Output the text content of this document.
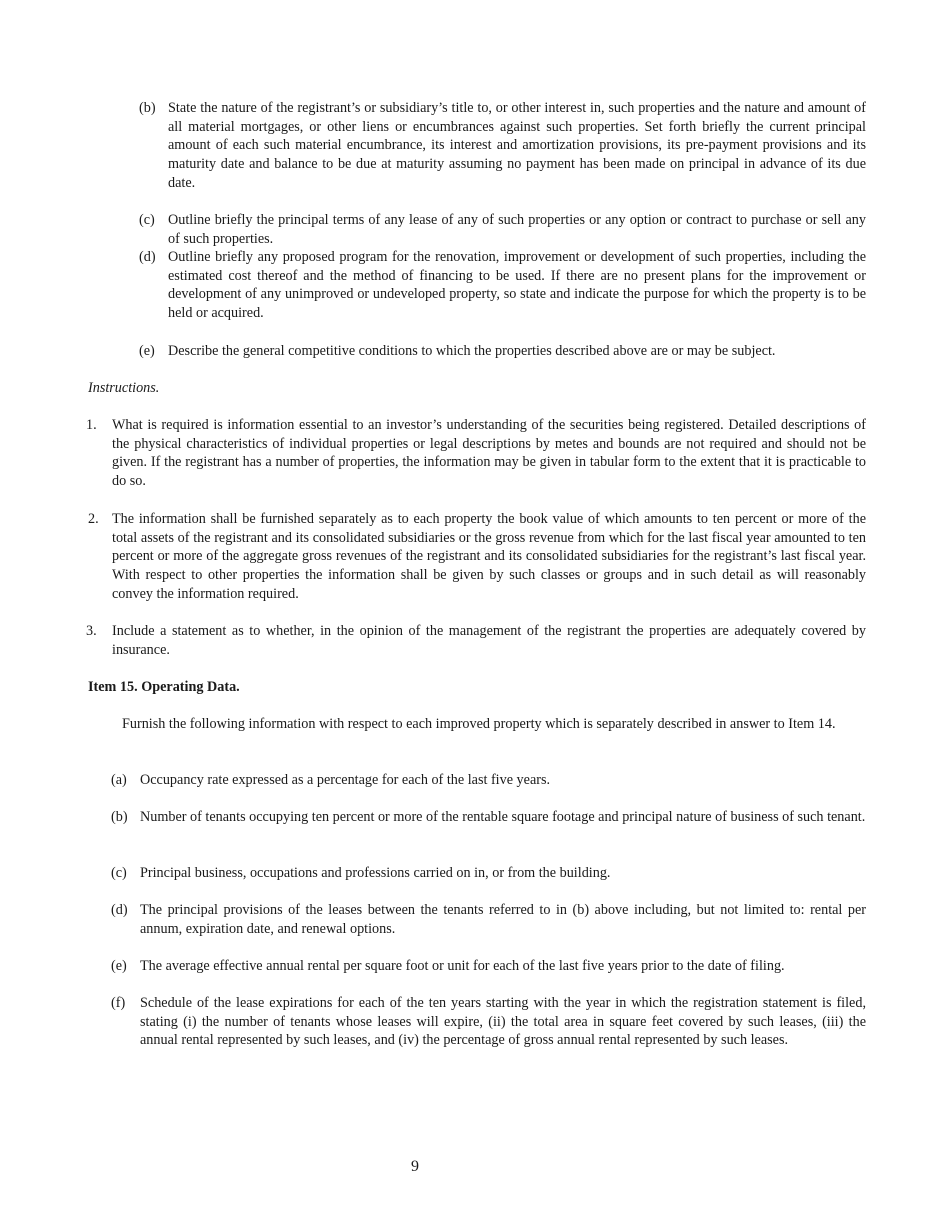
(b) State the nature of the registrant’s or subsidiary’s title to, or other interest in, such properties and the nature and amount of all material mortgages, or other liens or encumbrances against such properties. Set forth briefly the current principal amount of each such material encumbrance, its interest and amortization provisions, its pre-payment provisions and its maturity date and balance to be due at maturity assuming no payment has been made on principal in advance of its due date.
(c) Outline briefly the principal terms of any lease of any of such properties or any option or contract to purchase or sell any of such properties.
(d) Outline briefly any proposed program for the renovation, improvement or development of such properties, including the estimated cost thereof and the method of financing to be used. If there are no present plans for the improvement or development of any unimproved or undeveloped property, so state and indicate the purpose for which the property is to be held or acquired.
(e) Describe the general competitive conditions to which the properties described above are or may be subject.
Instructions.
1.	What is required is information essential to an investor’s understanding of the securities being registered. Detailed descriptions of the physical characteristics of individual properties or legal descriptions by metes and bounds are not required and should not be given. If the registrant has a number of properties, the information may be given in tabular form to the extent that it is practicable to do so.
2. The information shall be furnished separately as to each property the book value of which amounts to ten percent or more of the total assets of the registrant and its consolidated subsidiaries or the gross revenue from which for the last fiscal year amounted to ten percent or more of the aggregate gross revenues of the registrant and its consolidated subsidiaries for the registrant’s last fiscal year. With respect to other properties the information shall be given by such classes or groups and in such detail as will reasonably convey the information required.
3.	Include a statement as to whether, in the opinion of the management of the registrant the properties are adequately covered by insurance.
Item 15. Operating Data.
Furnish the following information with respect to each improved property which is separately described in answer to Item 14.
(a) Occupancy rate expressed as a percentage for each of the last five years.
(b) Number of tenants occupying ten percent or more of the rentable square footage and principal nature of business of such tenant.
(c) Principal business, occupations and professions carried on in, or from the building.
(d) The principal provisions of the leases between the tenants referred to in (b) above including, but not limited to: rental per annum, expiration date, and renewal options.
(e) The average effective annual rental per square foot or unit for each of the last five years prior to the date of filing.
(f)	Schedule of the lease expirations for each of the ten years starting with the year in which the registration statement is filed, stating (i) the number of tenants whose leases will expire, (ii) the total area in square feet covered by such leases, (iii) the annual rental represented by such leases, and (iv) the percentage of gross annual rental represented by such leases.
9
